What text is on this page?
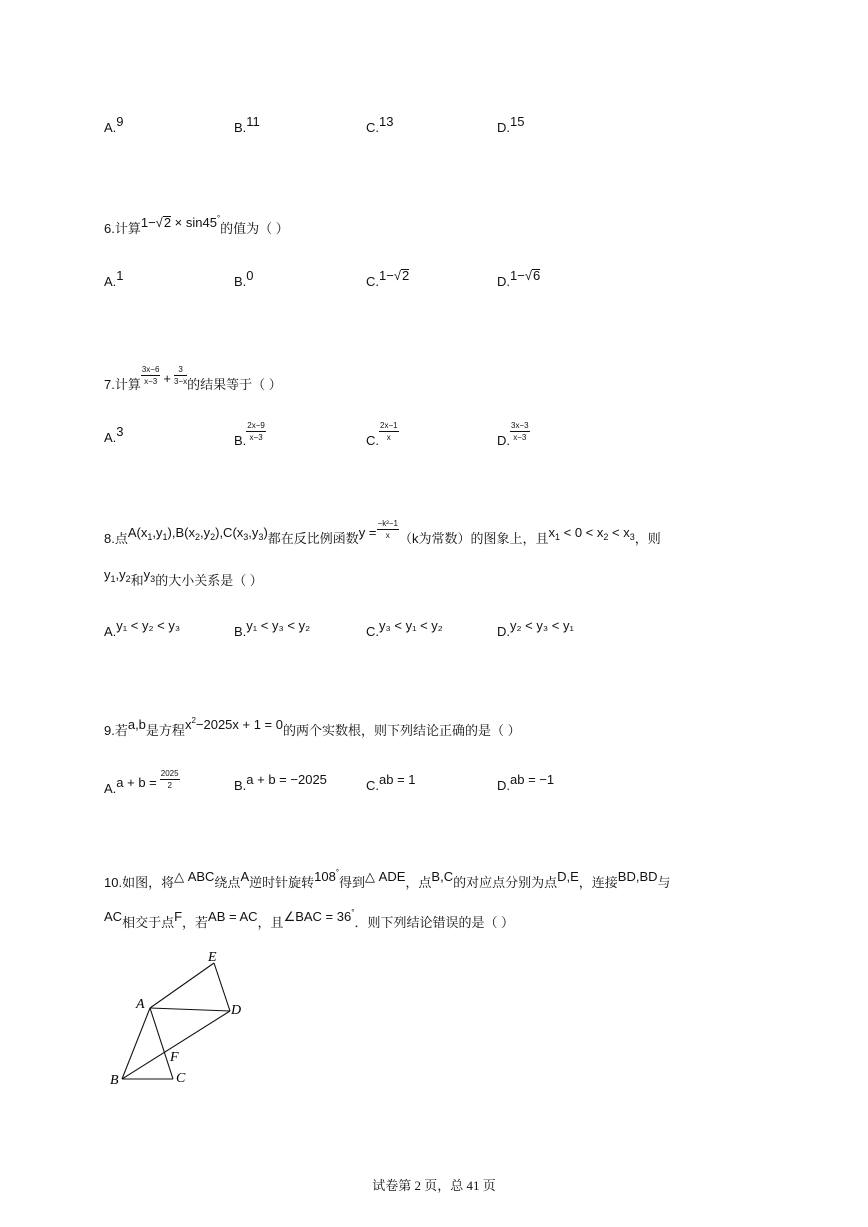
A.9	B.11	C.13	D.15
6.计算1−√2 × sin45°的值为（ ）
A.1	B.0	C.1−√2	D.1−√6
7.计算 $\frac{3x-6}{x-3} + \frac{3}{3-x}$ 的结果等于（ ）
A.3
B. $\frac{2x-9}{x-3}$	C. $\frac{2x-1}{x}$	D. $\frac{3x-3}{x-3}$
8.点$A(x_1,y_1),B(x_2,y_2),C(x_3,y_3)$都在反比例函数$y = \frac{\text{−k²−1}}{x} (k$为常数）的图象上，且$x_1 < 0 < x_2 < x_3$，则
$y_1,y_2$和$y_3$的大小关系是（ ）
A.y₁ < y₂ < y₃	B.y₁ < y₃ < y₂	C.y₃ < y₁ < y₂	D.y₂ < y₃ < y₁
9.若a,b是方程$x^2-2025x + 1 = 0$的两个实数根，则下列结论正确的是（ ）
$A.a + b = \frac{2025}{2}$	B.a + b = −2025	C.ab = 1	D.ab = −1
10.如图，将△ ABC绕点A逆时针旋转108°得到△ ADE，点B,C的对应点分别为点D,E，连接BD,BD与
AC相交于点F，若AB = AC，且∠BAC = 36°．则下列结论错误的是（ ）
E
A	D
F
B	C
试卷第 2 页，总 41 页
